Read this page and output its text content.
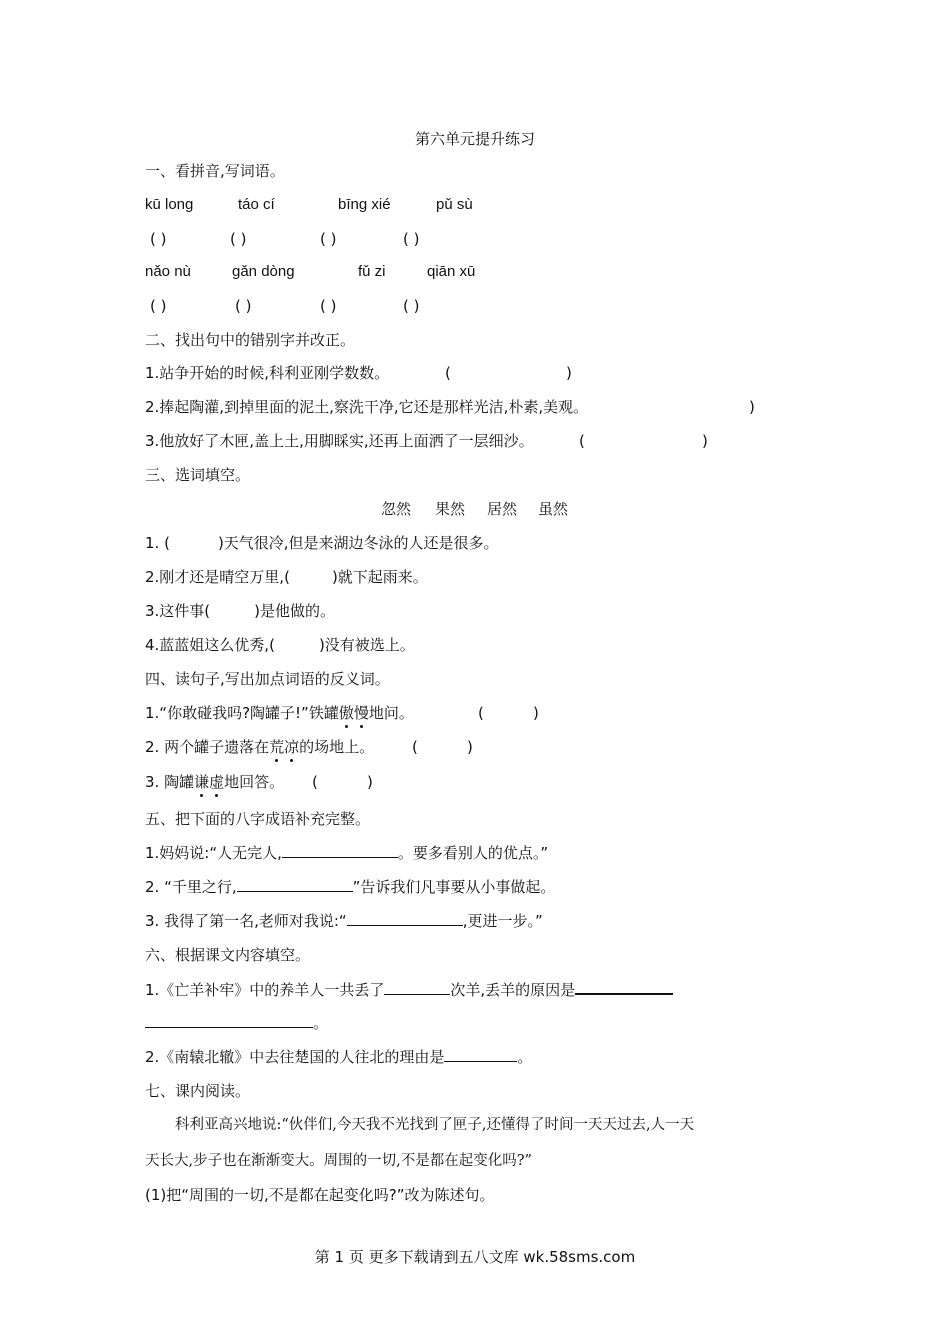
第六单元提升练习
一、看拼音,写词语。
kū long	táo cí	bīng xié	pǔ sù
( )	( )	( )	( )
nǎo nù	gǎn dòng	fǔ zi	qiān xū
( )	( )	( )	( )
二、找出句中的错别字并改正。
1.站争开始的时候,科利亚刚学数数。	(	)
2.捧起陶灌,到掉里面的泥土,察洗干净,它还是那样光洁,朴素,美观。	)
3.他放好了木匣,盖上土,用脚睬实,还再上面洒了一层细沙。	(	)
三、选词填空。
忽然 果然 居然 虽然
1. (	)天气很冷,但是来湖边冬泳的人还是很多。
2.刚才还是晴空万里,(	)就下起雨来。
3.这件事(	)是他做的。
4.蓝蓝姐这么优秀,(	)没有被选上。
四、读句子,写出加点词语的反义词。
1.“你敢碰我吗?陶罐子!”铁罐傲慢地问。	(	)
2. 两个罐子遗落在荒凉的场地上。	(	)
3. 陶罐谦虚地回答。 (	)
五、把下面的八字成语补充完整。
1.妈妈说:“人无完人,	。要多看别人的优点。”
2. “千里之行,	”告诉我们凡事要从小事做起。
3. 我得了第一名,老师对我说:“	,更进一步。”
六、根据课文内容填空。
1.《亡羊补牢》中的养羊人一共丢了	次羊,丢羊的原因是
。
2.《南辕北辙》中去往楚国的人往北的理由是	。
七、课内阅读。
科利亚高兴地说:“伙伴们,今天我不光找到了匣子,还懂得了时间一天天过去,人一天
天长大,步子也在渐渐变大。周围的一切,不是都在起变化吗?”
(1)把“周围的一切,不是都在起变化吗?”改为陈述句。
第 1 页 更多下载请到五八文库 wk.58sms.com
